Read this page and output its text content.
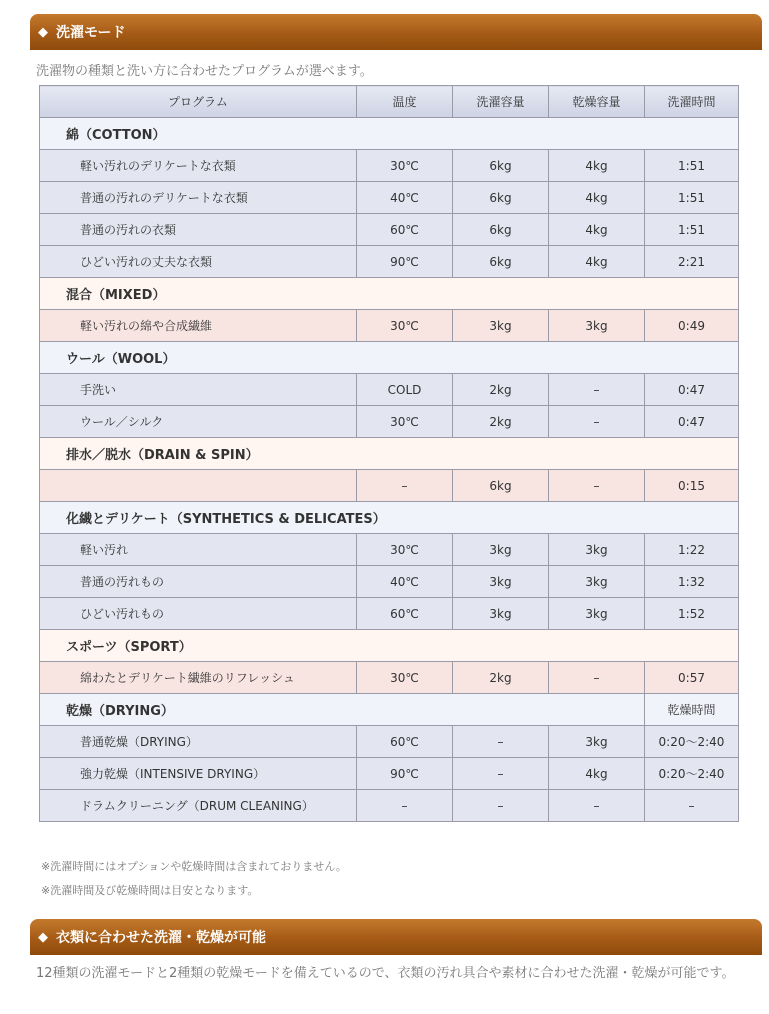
◆ 洗濯モード
洗濯物の種類と洗い方に合わせたプログラムが選べます。
プログラム	温度	洗濯容量	乾燥容量	洗濯時間
綿（COTTON）				
軽い汚れのデリケートな衣類	30℃	6kg	4kg	1:51
普通の汚れのデリケートな衣類	40℃	6kg	4kg	1:51
普通の汚れの衣類	60℃	6kg	4kg	1:51
ひどい汚れの丈夫な衣類	90℃	6kg	4kg	2:21
混合（MIXED）				
軽い汚れの綿や合成繊維	30℃	3kg	3kg	0:49
ウール（WOOL）				
手洗い	COLD	2kg	–	0:47
ウール／シルク	30℃	2kg	–	0:47
排水／脱水（DRAIN & SPIN）				
	–	6kg	–	0:15
化繊とデリケート（SYNTHETICS & DELICATES）				
軽い汚れ	30℃	3kg	3kg	1:22
普通の汚れもの	40℃	3kg	3kg	1:32
ひどい汚れもの	60℃	3kg	3kg	1:52
スポーツ（SPORT）				
綿わたとデリケート繊維のリフレッシュ	30℃	2kg	–	0:57
乾燥（DRYING）				乾燥時間
普通乾燥（DRYING）	60℃	–	3kg	0:20～2:40
強力乾燥（INTENSIVE DRYING）	90℃	–	4kg	0:20～2:40
ドラムクリーニング（DRUM CLEANING）	–	–	–	–
※洗濯時間にはオプションや乾燥時間は含まれておりません。
※洗濯時間及び乾燥時間は目安となります。
◆ 衣類に合わせた洗濯・乾燥が可能
12種類の洗濯モードと2種類の乾燥モードを備えているので、衣類の汚れ具合や素材に合わせた洗濯・乾燥が可能です。
